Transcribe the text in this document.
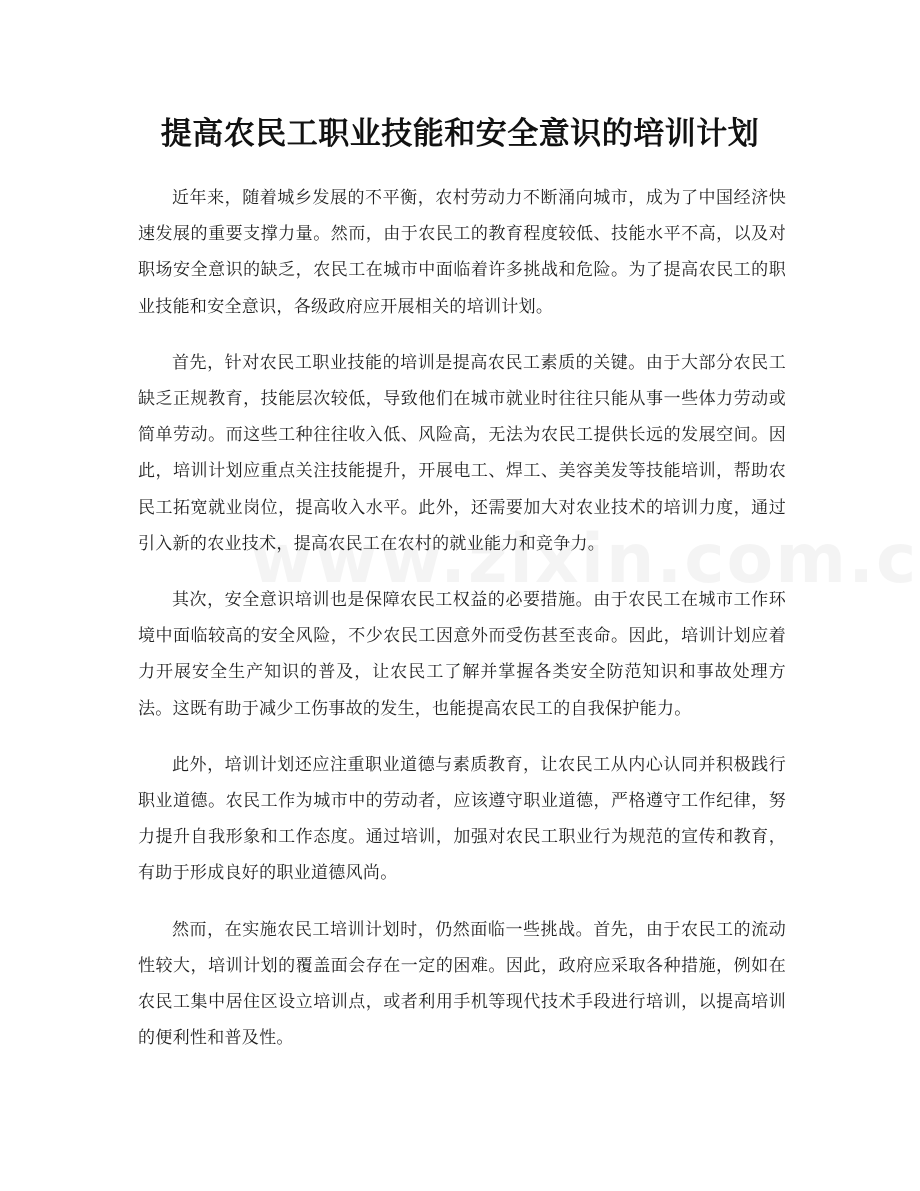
提高农民工职业技能和安全意识的培训计划

近年来，随着城乡发展的不平衡，农村劳动力不断涌向城市，成为了中国经济快速发展的重要支撑力量。然而，由于农民工的教育程度较低、技能水平不高，以及对职场安全意识的缺乏，农民工在城市中面临着许多挑战和危险。为了提高农民工的职业技能和安全意识，各级政府应开展相关的培训计划。

首先，针对农民工职业技能的培训是提高农民工素质的关键。由于大部分农民工缺乏正规教育，技能层次较低，导致他们在城市就业时往往只能从事一些体力劳动或简单劳动。而这些工种往往收入低、风险高，无法为农民工提供长远的发展空间。因此，培训计划应重点关注技能提升，开展电工、焊工、美容美发等技能培训，帮助农民工拓宽就业岗位，提高收入水平。此外，还需要加大对农业技术的培训力度，通过引入新的农业技术，提高农民工在农村的就业能力和竞争力。

其次，安全意识培训也是保障农民工权益的必要措施。由于农民工在城市工作环境中面临较高的安全风险，不少农民工因意外而受伤甚至丧命。因此，培训计划应着力开展安全生产知识的普及，让农民工了解并掌握各类安全防范知识和事故处理方法。这既有助于减少工伤事故的发生，也能提高农民工的自我保护能力。

此外，培训计划还应注重职业道德与素质教育，让农民工从内心认同并积极践行职业道德。农民工作为城市中的劳动者，应该遵守职业道德，严格遵守工作纪律，努力提升自我形象和工作态度。通过培训，加强对农民工职业行为规范的宣传和教育，有助于形成良好的职业道德风尚。

然而，在实施农民工培训计划时，仍然面临一些挑战。首先，由于农民工的流动性较大，培训计划的覆盖面会存在一定的困难。因此，政府应采取各种措施，例如在农民工集中居住区设立培训点，或者利用手机等现代技术手段进行培训，以提高培训的便利性和普及性。
